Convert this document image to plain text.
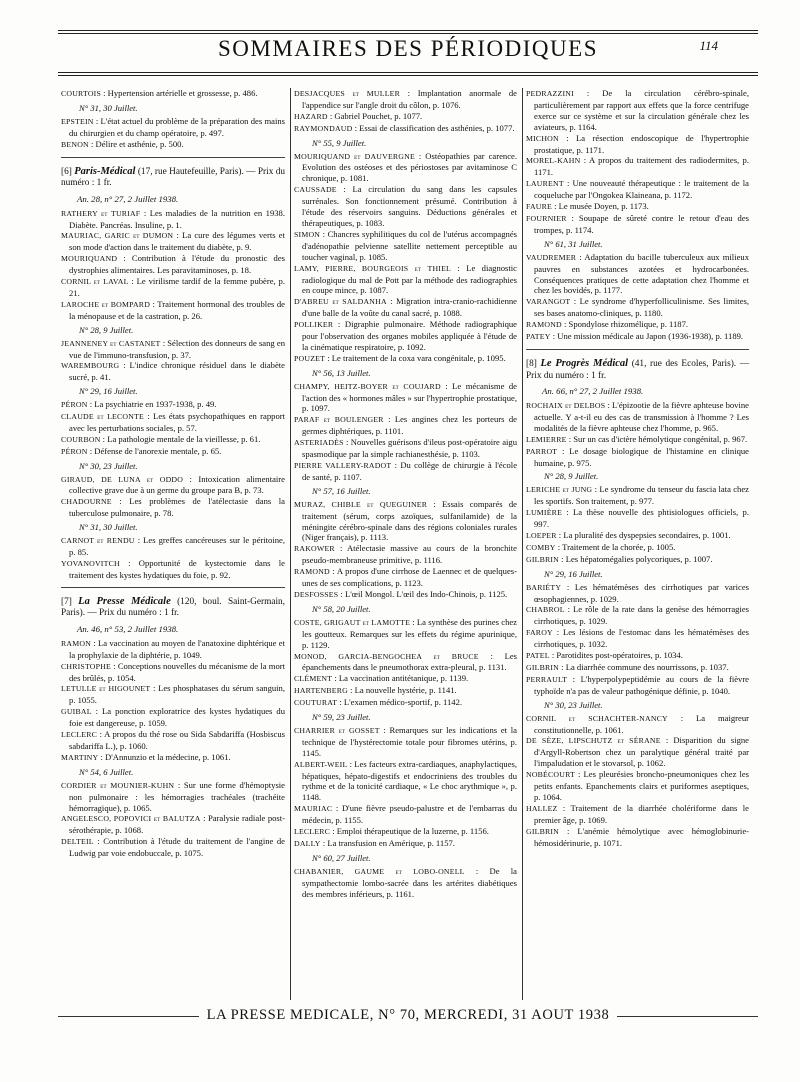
SOMMAIRES DES PÉRIODIQUES	114

COURTOIS : Hypertension artérielle et grossesse, p. 486.

N° 31, 30 Juillet.

EPSTEIN : L'état actuel du problème de la préparation des mains du chirurgien et du champ opératoire, p. 497.

BENON : Délire et asthénie, p. 500.

[6] Paris-Médical (17, rue Hautefeuille, Paris). — Prix du numéro : 1 fr.
An. 28, n° 27, 2 Juillet 1938.

RATHERY et TURIAF : Les maladies de la nutrition en 1938. Diabète. Pancréas. Insuline, p. 1.

MAURIAC, GARIC et DUMON : La cure des légumes verts et son mode d'action dans le traitement du diabète, p. 9.

MOURIQUAND : Contribution à l'étude du pronostic des dystrophies alimentaires. Les paravitaminoses, p. 18.

CORNIL et LAVAL : Le virilisme tardif de la femme pubère, p. 21.

LAROCHE et BOMPARD : Traitement hormonal des troubles de la ménopause et de la castration, p. 26.

N° 28, 9 Juillet.

JEANNENEY et CASTANET : Sélection des donneurs de sang en vue de l'immuno-transfusion, p. 37.

WAREMBOURG : L'indice chronique résiduel dans le diabète sucré, p. 41.

N° 29, 16 Juillet.

PÉRON : La psychiatrie en 1937-1938, p. 49.

CLAUDE et LECONTE : Les états psychopathiques en rapport avec les perturbations sociales, p. 57.

COURBON : La pathologie mentale de la vieillesse, p. 61.

PÉRON : Défense de l'anorexie mentale, p. 65.

N° 30, 23 Juillet.

GIRAUD, DE LUNA et ODDO : Intoxication alimentaire collective grave due à un germe du groupe para B, p. 73.

CHADOURNE : Les problèmes de l'atélectasie dans la tuberculose pulmonaire, p. 78.

N° 31, 30 Juillet.

CARNOT et RENDU : Les greffes cancéreuses sur le péritoine, p. 85.

YOVANOVITCH : Opportunité de kystectomie dans le traitement des kystes hydatiques du foie, p. 92.

[7] La Presse Médicale (120, boul. Saint-Germain, Paris). — Prix du numéro : 1 fr.
An. 46, n° 53, 2 Juillet 1938.

RAMON : La vaccination au moyen de l'anatoxine diphtérique et la prophylaxie de la diphtérie, p. 1049.

CHRISTOPHE : Conceptions nouvelles du mécanisme de la mort des brûlés, p. 1054.

LETULLE et HIGOUNET : Les phosphatases du sérum sanguin, p. 1055.

GUIBAL : La ponction exploratrice des kystes hydatiques du foie est dangereuse, p. 1059.

LECLERC : A propos du thé rose ou Sida Sabdariffa (Hosbiscus sabdariffa L.), p. 1060.

MARTINY : D'Annunzio et la médecine, p. 1061.

N° 54, 6 Juillet.

CORDIER et MOUNIER-KUHN : Sur une forme d'hémoptysie non pulmonaire : les hémorragies trachéales (trachéite hémorragique), p. 1065.

ANGELESCO, POPOVICI et BALUTZA : Paralysie radiale post-sérothérapie, p. 1068.

DELTEIL : Contribution à l'étude du traitement de l'angine de Ludwig par voie endobuccale, p. 1075.

DESJACQUES et MULLER : Implantation anormale de l'appendice sur l'angle droit du côlon, p. 1076.

HAZARD : Gabriel Pouchet, p. 1077.

RAYMONDAUD : Essai de classification des asthénies, p. 1077.

N° 55, 9 Juillet.

MOURIQUAND et DAUVERGNE : Ostéopathies par carence. Evolution des ostéoses et des périostoses par avitaminose C chronique, p. 1081.

CAUSSADE : La circulation du sang dans les capsules surrénales. Son fonctionnement présumé. Contribution à l'étude des réservoirs sanguins. Déductions générales et thérapeutiques, p. 1083.

SIMON : Chancres syphilitiques du col de l'utérus accompagnés d'adénopathie pelvienne satellite nettement perceptible au toucher vaginal, p. 1085.

LAMY, PIERRE, BOURGEOIS et THIEL : Le diagnostic radiologique du mal de Pott par la méthode des radiographies en coupe mince, p. 1087.

D'ABREU et SALDANHA : Migration intra-cranio-rachidienne d'une balle de la voûte du canal sacré, p. 1088.

POLLIKER : Digraphie pulmonaire. Méthode radiographique pour l'observation des organes mobiles appliquée à l'étude de la cinématique respiratoire, p. 1092.

POUZET : Le traitement de la coxa vara congénitale, p. 1095.

N° 56, 13 Juillet.

CHAMPY, HEITZ-BOYER et COUJARD : Le mécanisme de l'action des « hormones mâles » sur l'hypertrophie prostatique, p. 1097.

PARAF et BOULENGER : Les angines chez les porteurs de germes diphtériques, p. 1101.

ASTERIADÈS : Nouvelles guérisons d'ileus post-opératoire aigu spasmodique par la simple rachianesthésie, p. 1103.

PIERRE VALLERY-RADOT : Du collège de chirurgie à l'école de santé, p. 1107.

N° 57, 16 Juillet.

MURAZ, CHIBLE et QUEGUINER : Essais comparés de traitement (sérum, corps azoïques, sulfanilamide) de la méningite cérébro-spinale dans des régions coloniales rurales (Niger français), p. 1113.

RAKOWER : Atélectasie massive au cours de la bronchite pseudo-membraneuse primitive, p. 1116.

RAMOND : A propos d'une cirrhose de Laennec et de quelques-unes de ses complications, p. 1123.

DESFOSSES : L'œil Mongol. L'œil des Indo-Chinois, p. 1125.

N° 58, 20 Juillet.

COSTE, GRIGAUT et LAMOTTE : La synthèse des purines chez les goutteux. Remarques sur les effets du régime apurinique, p. 1129.

MONOD, GARCIA-BENGOCHEA et BRUCE : Les épanchements dans le pneumothorax extra-pleural, p. 1131.

CLÉMENT : La vaccination antitétanique, p. 1139.

HARTENBERG : La nouvelle hystérie, p. 1141.

COUTURAT : L'examen médico-sportif, p. 1142.

N° 59, 23 Juillet.

CHARRIER et GOSSET : Remarques sur les indications et la technique de l'hystérectomie totale pour fibromes utérins, p. 1145.

ALBERT-WEIL : Les facteurs extra-cardiaques, anaphylactiques, hépatiques, hépato-digestifs et endocriniens des troubles du rythme et de la tonicité cardiaque, « Le choc arythmique », p. 1148.

MAURIAC : D'une fièvre pseudo-palustre et de l'embarras du médecin, p. 1155.

LECLERC : Emploi thérapeutique de la luzerne, p. 1156.

DALLY : La transfusion en Amérique, p. 1157.

N° 60, 27 Juillet.

CHABANIER, GAUME et LOBO-ONELL : De la sympathectomie lombo-sacrée dans les artérites diabétiques des membres inférieurs, p. 1161.

PEDRAZZINI : De la circulation cérébro-spinale, particulièrement par rapport aux effets que la force centrifuge exerce sur ce système et sur la circulation générale chez les aviateurs, p. 1164.

MICHON : La résection endoscopique de l'hypertrophie prostatique, p. 1171.

MOREL-KAHN : A propos du traitement des radiodermites, p. 1171.

LAURENT : Une nouveauté thérapeutique : le traitement de la coqueluche par l'Ongokea Klaineana, p. 1172.

FAURE : Le musée Doyen, p. 1173.

FOURNIER : Soupape de sûreté contre le retour d'eau des trompes, p. 1174.

N° 61, 31 Juillet.

VAUDREMER : Adaptation du bacille tuberculeux aux milieux pauvres en substances azotées et hydrocarbonées. Conséquences pratiques de cette adaptation chez l'homme et chez les bovidés, p. 1177.

VARANGOT : Le syndrome d'hyperfolliculinisme. Ses limites, ses bases anatomo-cliniques, p. 1180.

RAMOND : Spondylose rhizomélique, p. 1187.

PATEY : Une mission médicale au Japon (1936-1938), p. 1189.

[8] Le Progrès Médical (41, rue des Ecoles, Paris). — Prix du numéro : 1 fr.
An. 66, n° 27, 2 Juillet 1938.

ROCHAIX et DELBOS : L'épizootie de la fièvre aphteuse bovine actuelle. Y a-t-il eu des cas de transmission à l'homme ? Les modalités de la fièvre aphteuse chez l'homme, p. 965.

LEMIERRE : Sur un cas d'ictère hémolytique congénital, p. 967.

PARROT : Le dosage biologique de l'histamine en clinique humaine, p. 975.

N° 28, 9 Juillet.

LERICHE et JUNG : Le syndrome du tenseur du fascia lata chez les sportifs. Son traitement, p. 977.

LUMIÈRE : La thèse nouvelle des phtisiologues officiels, p. 997.

LOEPER : La pluralité des dyspepsies secondaires, p. 1001.

COMBY : Traitement de la chorée, p. 1005.

GILBRIN : Les hépatomégalies polycoriques, p. 1007.

N° 29, 16 Juillet.

BARIÉTY : Les hématémèses des cirrhotiques par varices œsophagiennes, p. 1029.

CHABROL : Le rôle de la rate dans la genèse des hémorragies cirrhotiques, p. 1029.

FAROY : Les lésions de l'estomac dans les hématémèses des cirrhotiques, p. 1032.

PATEL : Parotidites post-opératoires, p. 1034.

GILBRIN : La diarrhée commune des nourrissons, p. 1037.

PERRAULT : L'hyperpolypeptidémie au cours de la fièvre typhoïde n'a pas de valeur pathogénique définie, p. 1040.

N° 30, 23 Juillet.

CORNIL et SCHACHTER-NANCY : La maigreur constitutionnelle, p. 1061.

DE SÈZE, LIPSCHUTZ et SÉRANE : Disparition du signe d'Argyll-Robertson chez un paralytique général traité par l'impaludation et le stovarsol, p. 1062.

NOBÉCOURT : Les pleurésies broncho-pneumoniques chez les petits enfants. Epanchements clairs et puriformes aseptiques, p. 1064.

HALLEZ : Traitement de la diarrhée cholériforme dans le premier âge, p. 1069.

GILBRIN : L'anémie hémolytique avec hémoglobinurie-hémosidérinurie, p. 1071.

LA PRESSE MEDICALE, N° 70, MERCREDI, 31 AOUT 1938
